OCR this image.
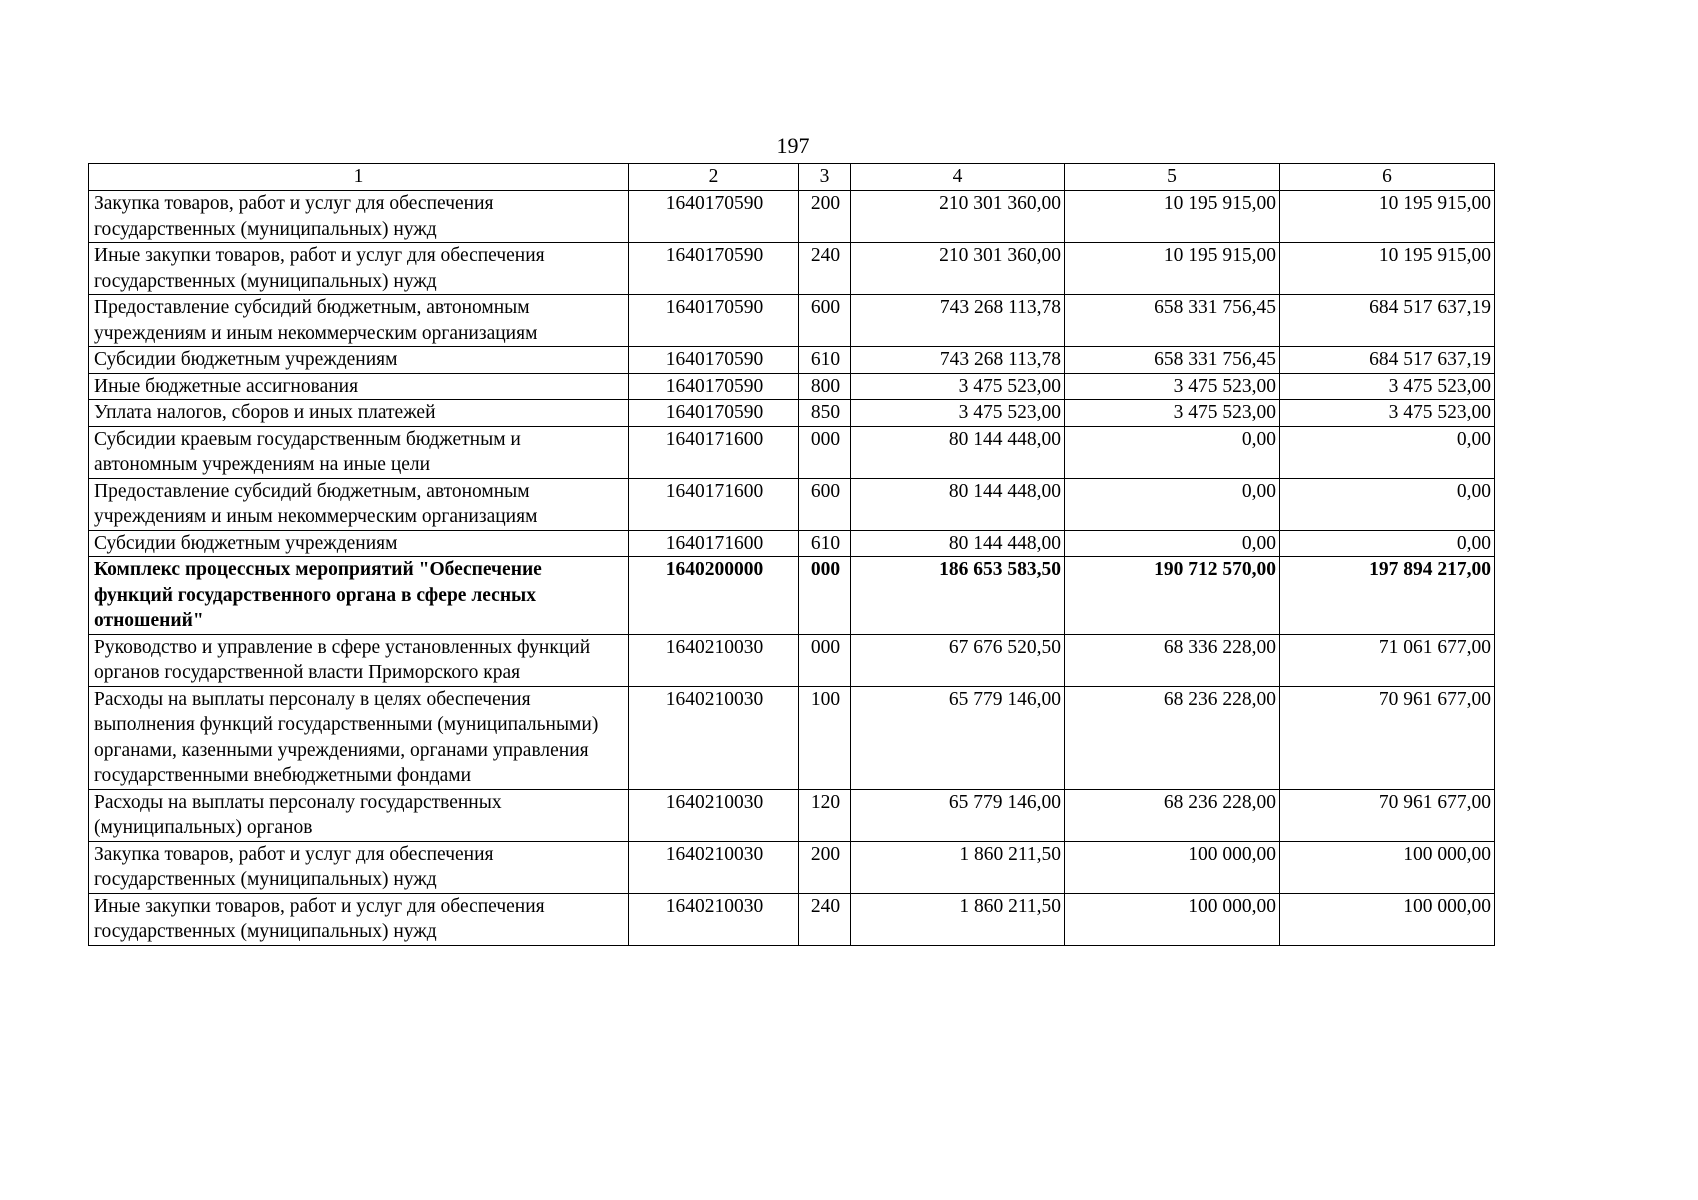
197
1	2	3	4	5	6
Закупка товаров, работ и услуг для обеспечения государственных (муниципальных) нужд	1640170590	200	210 301 360,00	10 195 915,00	10 195 915,00
Иные закупки товаров, работ и услуг для обеспечения государственных (муниципальных) нужд	1640170590	240	210 301 360,00	10 195 915,00	10 195 915,00
Предоставление субсидий бюджетным, автономным учреждениям и иным некоммерческим организациям	1640170590	600	743 268 113,78	658 331 756,45	684 517 637,19
Субсидии бюджетным учреждениям	1640170590	610	743 268 113,78	658 331 756,45	684 517 637,19
Иные бюджетные ассигнования	1640170590	800	3 475 523,00	3 475 523,00	3 475 523,00
Уплата налогов, сборов и иных платежей	1640170590	850	3 475 523,00	3 475 523,00	3 475 523,00
Субсидии краевым государственным бюджетным и автономным учреждениям на иные цели	1640171600	000	80 144 448,00	0,00	0,00
Предоставление субсидий бюджетным, автономным учреждениям и иным некоммерческим организациям	1640171600	600	80 144 448,00	0,00	0,00
Субсидии бюджетным учреждениям	1640171600	610	80 144 448,00	0,00	0,00
Комплекс процессных мероприятий "Обеспечение функций государственного органа в сфере лесных отношений"	1640200000	000	186 653 583,50	190 712 570,00	197 894 217,00
Руководство и управление в сфере установленных функций органов государственной власти Приморского края	1640210030	000	67 676 520,50	68 336 228,00	71 061 677,00
Расходы на выплаты персоналу в целях обеспечения выполнения функций государственными (муниципальными) органами, казенными учреждениями, органами управления государственными внебюджетными фондами	1640210030	100	65 779 146,00	68 236 228,00	70 961 677,00
Расходы на выплаты персоналу государственных (муниципальных) органов	1640210030	120	65 779 146,00	68 236 228,00	70 961 677,00
Закупка товаров, работ и услуг для обеспечения государственных (муниципальных) нужд	1640210030	200	1 860 211,50	100 000,00	100 000,00
Иные закупки товаров, работ и услуг для обеспечения государственных (муниципальных) нужд	1640210030	240	1 860 211,50	100 000,00	100 000,00
